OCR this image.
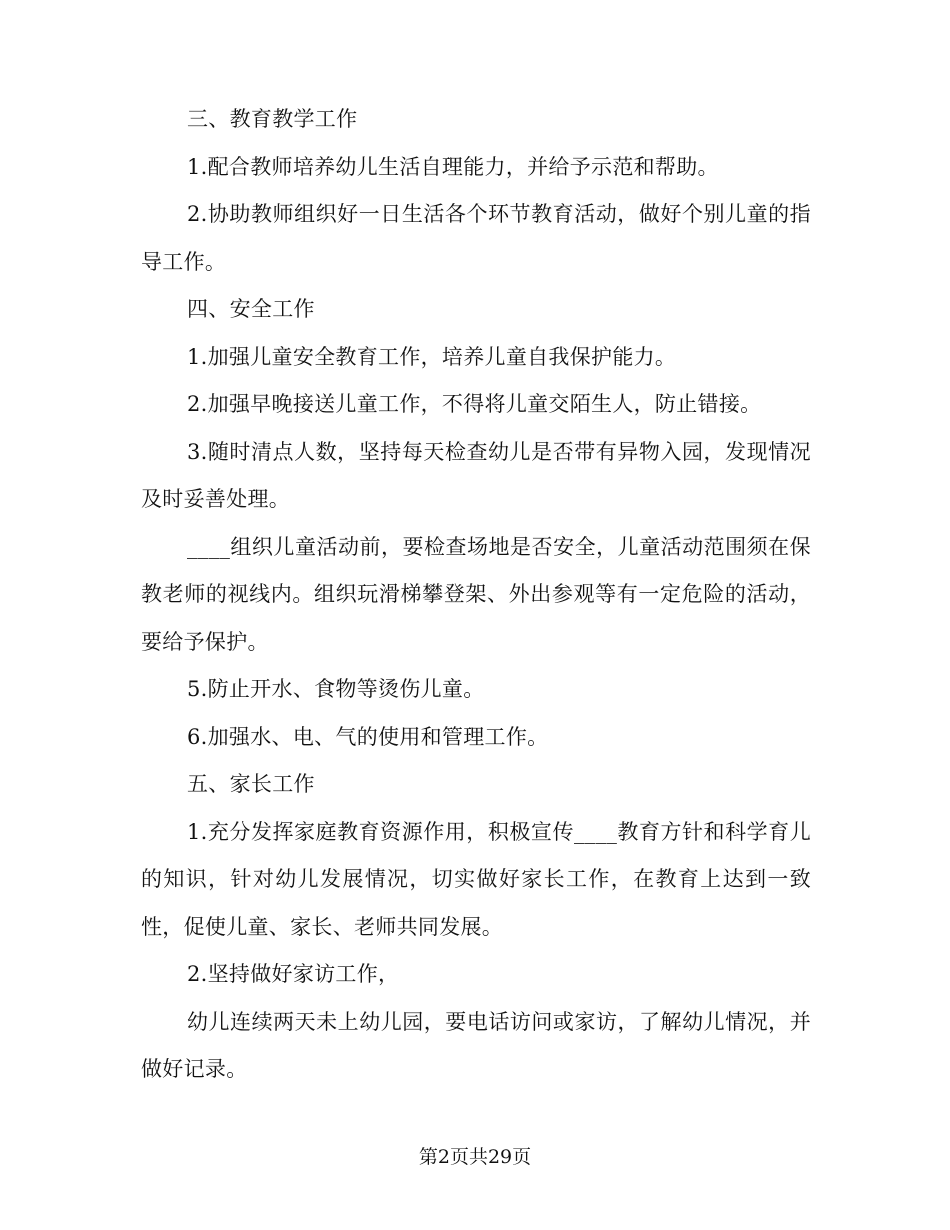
三、教育教学工作

1.配合教师培养幼儿生活自理能力，并给予示范和帮助。

2.协助教师组织好一日生活各个环节教育活动，做好个别儿童的指导工作。

四、安全工作

1.加强儿童安全教育工作，培养儿童自我保护能力。

2.加强早晚接送儿童工作，不得将儿童交陌生人，防止错接。

3.随时清点人数，坚持每天检查幼儿是否带有异物入园，发现情况及时妥善处理。

____组织儿童活动前，要检查场地是否安全，儿童活动范围须在保教老师的视线内。组织玩滑梯攀登架、外出参观等有一定危险的活动，要给予保护。

5.防止开水、食物等烫伤儿童。

6.加强水、电、气的使用和管理工作。

五、家长工作

1.充分发挥家庭教育资源作用，积极宣传____教育方针和科学育儿的知识，针对幼儿发展情况，切实做好家长工作，在教育上达到一致性，促使儿童、家长、老师共同发展。

2.坚持做好家访工作，

幼儿连续两天未上幼儿园，要电话访问或家访，了解幼儿情况，并做好记录。

第2页共29页
